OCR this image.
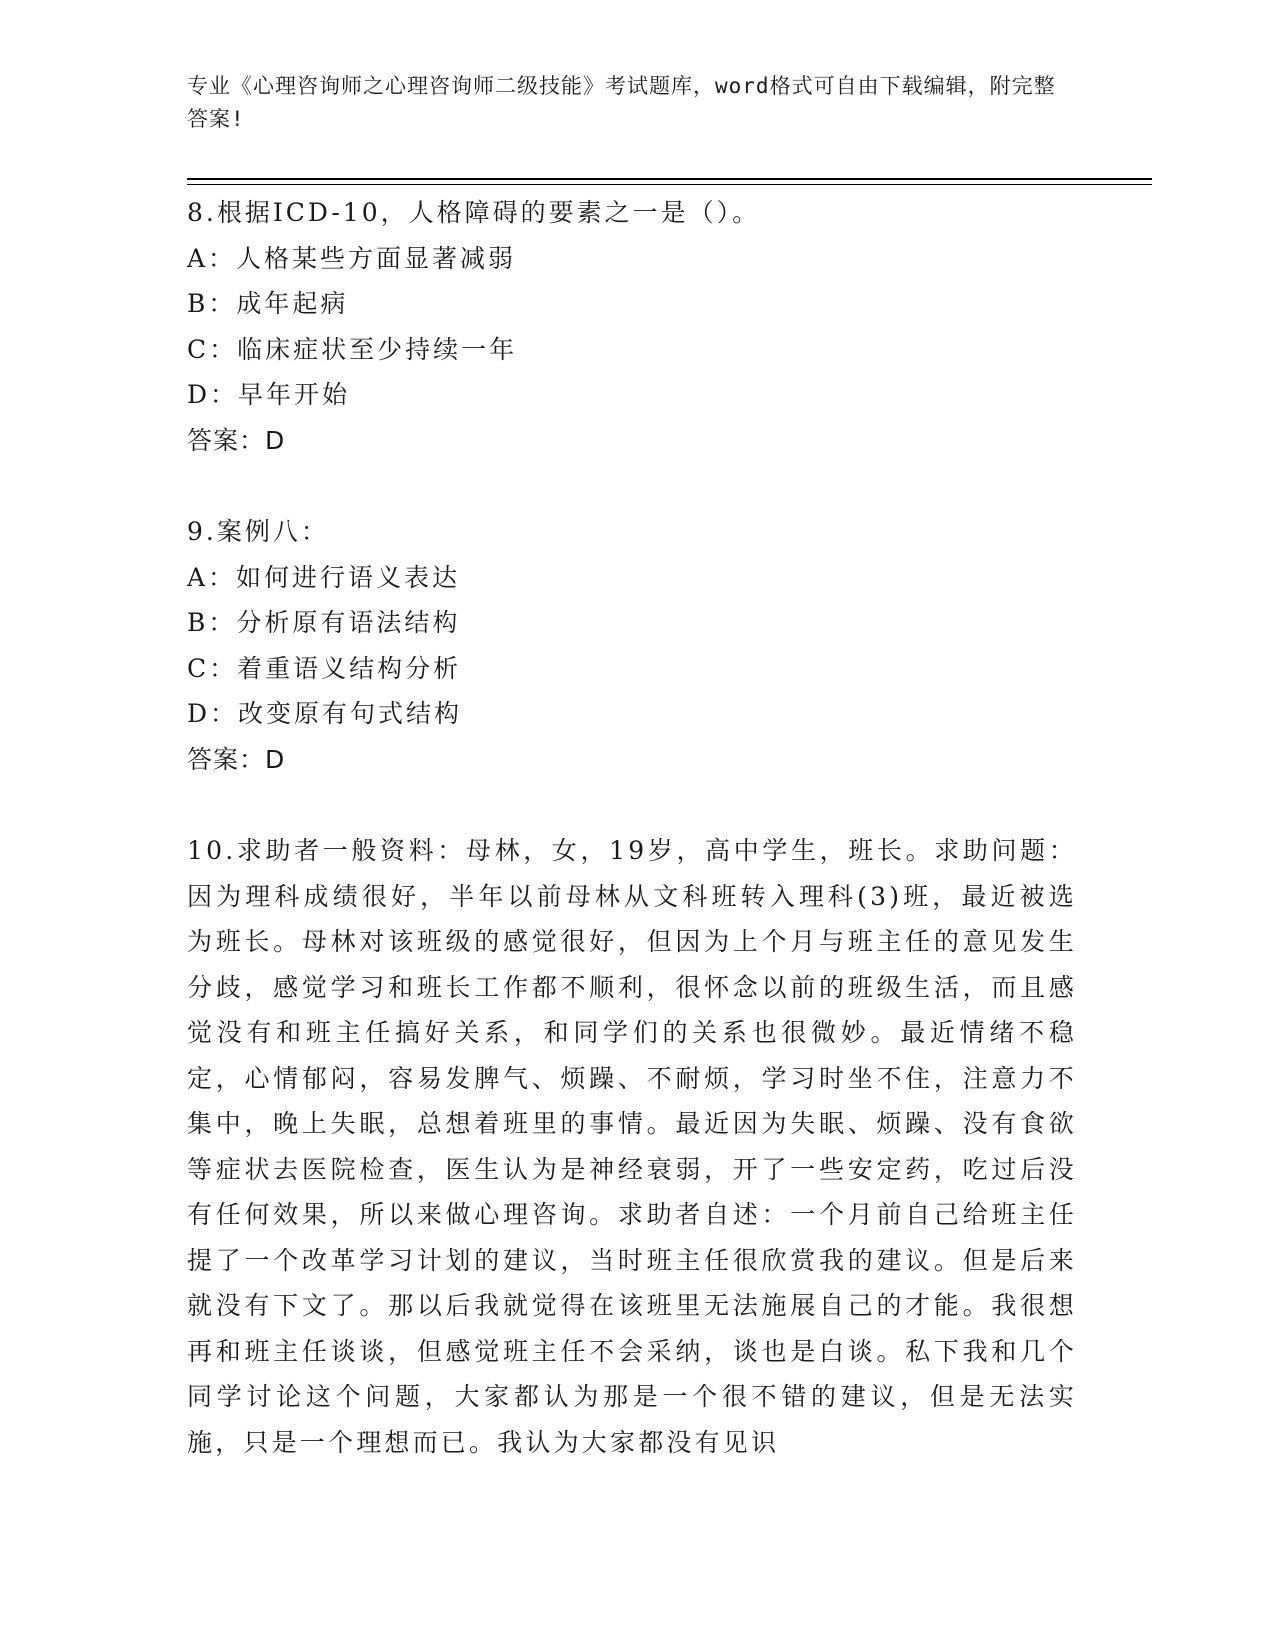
专业《心理咨询师之心理咨询师二级技能》考试题库，word格式可自由下载编辑，附完整答案!
8.根据ICD-10，人格障碍的要素之一是（）。
A：人格某些方面显著减弱
B：成年起病
C：临床症状至少持续一年
D：早年开始
答案：D
9.案例八：
A：如何进行语义表达
B：分析原有语法结构
C：着重语义结构分析
D：改变原有句式结构
答案：D
10.求助者一般资料：母林，女，19岁，高中学生，班长。求助问题：因为理科成绩很好，半年以前母林从文科班转入理科(3)班，最近被选为班长。母林对该班级的感觉很好，但因为上个月与班主任的意见发生分歧，感觉学习和班长工作都不顺利，很怀念以前的班级生活，而且感觉没有和班主任搞好关系，和同学们的关系也很微妙。最近情绪不稳定，心情郁闷，容易发脾气、烦躁、不耐烦，学习时坐不住，注意力不集中，晚上失眠，总想着班里的事情。最近因为失眠、烦躁、没有食欲等症状去医院检查，医生认为是神经衰弱，开了一些安定药，吃过后没有任何效果，所以来做心理咨询。求助者自述：一个月前自己给班主任提了一个改革学习计划的建议，当时班主任很欣赏我的建议。但是后来就没有下文了。那以后我就觉得在该班里无法施展自己的才能。我很想再和班主任谈谈，但感觉班主任不会采纳，谈也是白谈。私下我和几个同学讨论这个问题，大家都认为那是一个很不错的建议，但是无法实施，只是一个理想而已。我认为大家都没有见识
